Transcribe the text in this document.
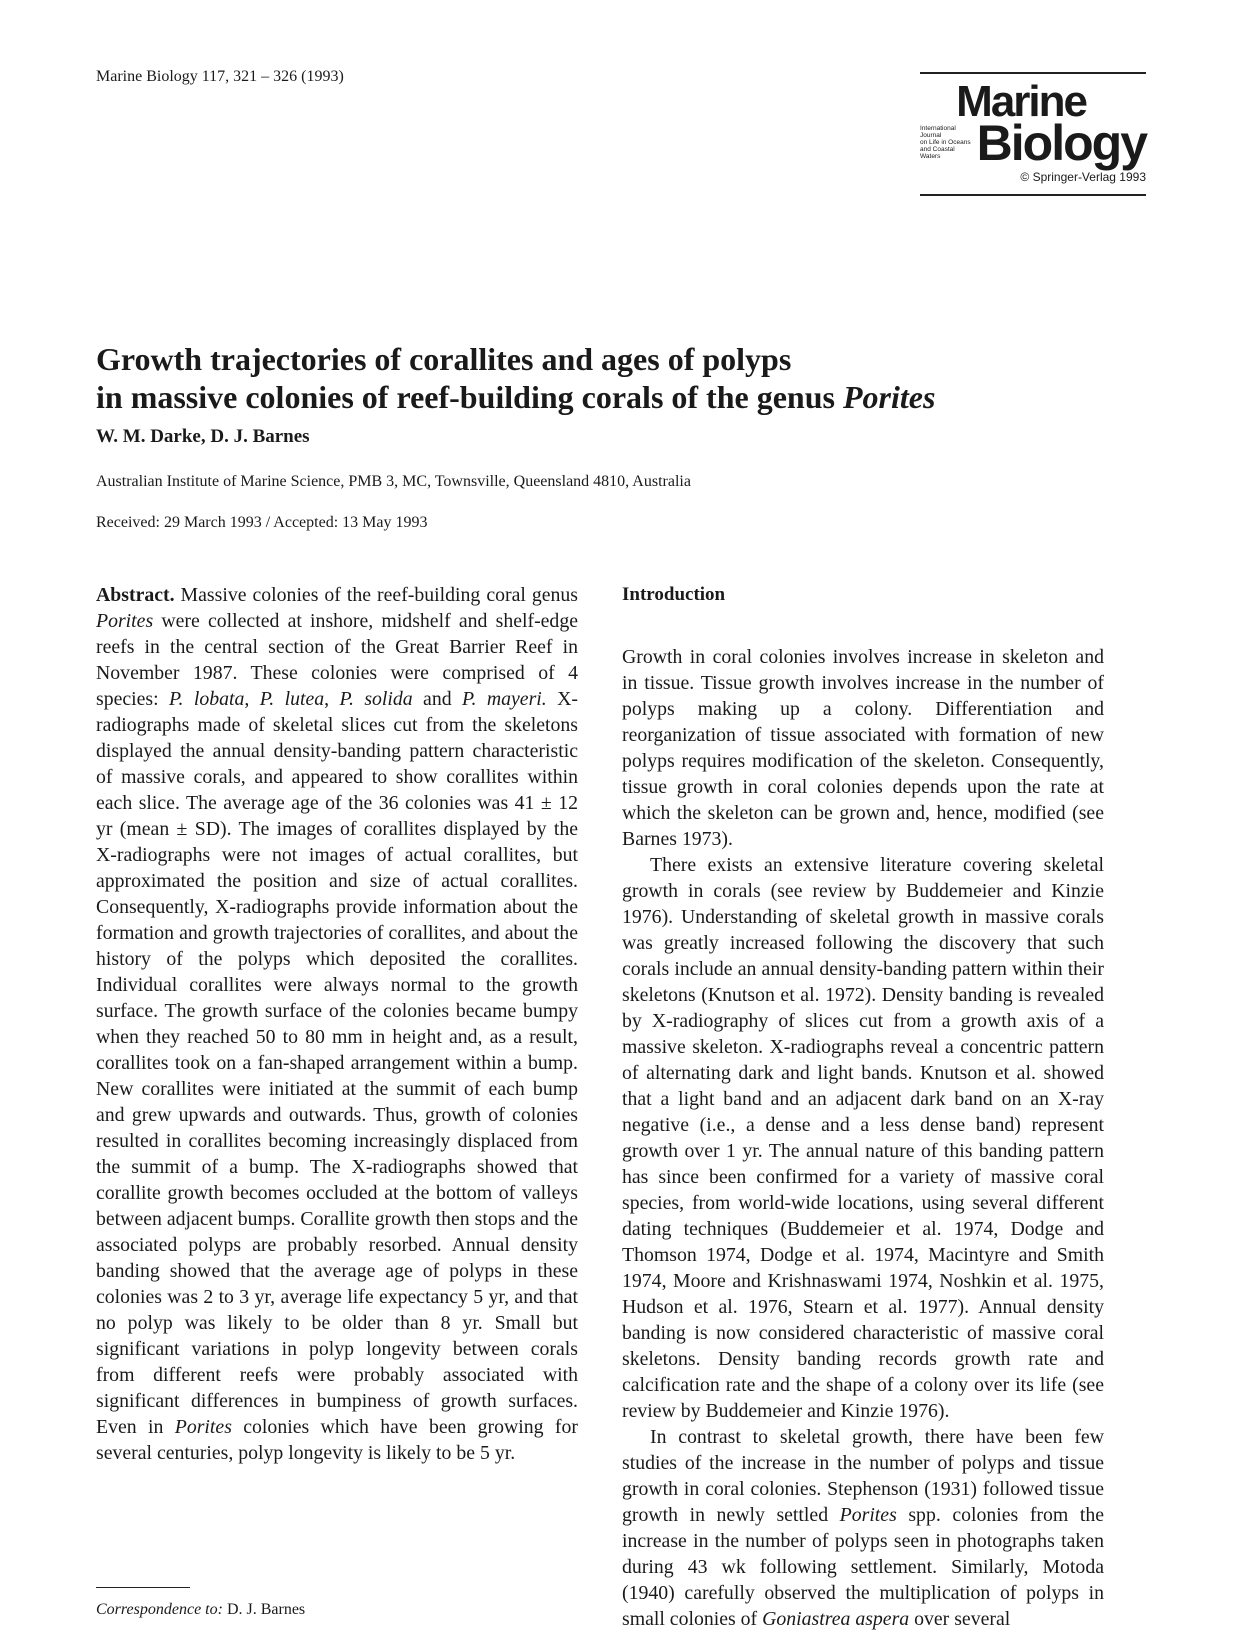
Marine Biology 117, 321 – 326 (1993)
Marine
International Journal
on Life in Oceans
and Coastal Waters Biology
© Springer-Verlag 1993
Growth trajectories of corallites and ages of polyps
in massive colonies of reef-building corals of the genus Porites
W. M. Darke, D. J. Barnes
Australian Institute of Marine Science, PMB 3, MC, Townsville, Queensland 4810, Australia
Received: 29 March 1993 / Accepted: 13 May 1993

Abstract. Massive colonies of the reef-building coral genus Porites were collected at inshore, midshelf and shelf-edge reefs in the central section of the Great Barrier Reef in November 1987. These colonies were comprised of 4 species: P. lobata, P. lutea, P. solida and P. mayeri. X-radiographs made of skeletal slices cut from the skeletons displayed the annual density-banding pattern characteristic of massive corals, and appeared to show corallites within each slice. The average age of the 36 colonies was 41 ± 12 yr (mean ± SD). The images of corallites displayed by the X-radiographs were not images of actual corallites, but approximated the position and size of actual corallites. Consequently, X-radiographs provide information about the formation and growth trajectories of corallites, and about the history of the polyps which deposited the corallites. Individual corallites were always normal to the growth surface. The growth surface of the colonies became bumpy when they reached 50 to 80 mm in height and, as a result, corallites took on a fan-shaped arrangement within a bump. New corallites were initiated at the summit of each bump and grew upwards and outwards. Thus, growth of colonies resulted in corallites becoming increasingly displaced from the summit of a bump. The X-radiographs showed that corallite growth becomes occluded at the bottom of valleys between adjacent bumps. Corallite growth then stops and the associated polyps are probably resorbed. Annual density banding showed that the average age of polyps in these colonies was 2 to 3 yr, average life expectancy 5 yr, and that no polyp was likely to be older than 8 yr. Small but significant variations in polyp longevity between corals from different reefs were probably associated with significant differences in bumpiness of growth surfaces. Even in Porites colonies which have been growing for several centuries, polyp longevity is likely to be 5 yr.

Correspondence to: D. J. Barnes

Introduction

Growth in coral colonies involves increase in skeleton and in tissue. Tissue growth involves increase in the number of polyps making up a colony. Differentiation and reorganization of tissue associated with formation of new polyps requires modification of the skeleton. Consequently, tissue growth in coral colonies depends upon the rate at which the skeleton can be grown and, hence, modified (see Barnes 1973).

There exists an extensive literature covering skeletal growth in corals (see review by Buddemeier and Kinzie 1976). Understanding of skeletal growth in massive corals was greatly increased following the discovery that such corals include an annual density-banding pattern within their skeletons (Knutson et al. 1972). Density banding is revealed by X-radiography of slices cut from a growth axis of a massive skeleton. X-radiographs reveal a concentric pattern of alternating dark and light bands. Knutson et al. showed that a light band and an adjacent dark band on an X-ray negative (i.e., a dense and a less dense band) represent growth over 1 yr. The annual nature of this banding pattern has since been confirmed for a variety of massive coral species, from world-wide locations, using several different dating techniques (Buddemeier et al. 1974, Dodge and Thomson 1974, Dodge et al. 1974, Macintyre and Smith 1974, Moore and Krishnaswami 1974, Noshkin et al. 1975, Hudson et al. 1976, Stearn et al. 1977). Annual density banding is now considered characteristic of massive coral skeletons. Density banding records growth rate and calcification rate and the shape of a colony over its life (see review by Buddemeier and Kinzie 1976).

In contrast to skeletal growth, there have been few studies of the increase in the number of polyps and tissue growth in coral colonies. Stephenson (1931) followed tissue growth in newly settled Porites spp. colonies from the increase in the number of polyps seen in photographs taken during 43 wk following settlement. Similarly, Motoda (1940) carefully observed the multiplication of polyps in small colonies of Goniastrea aspera over several
